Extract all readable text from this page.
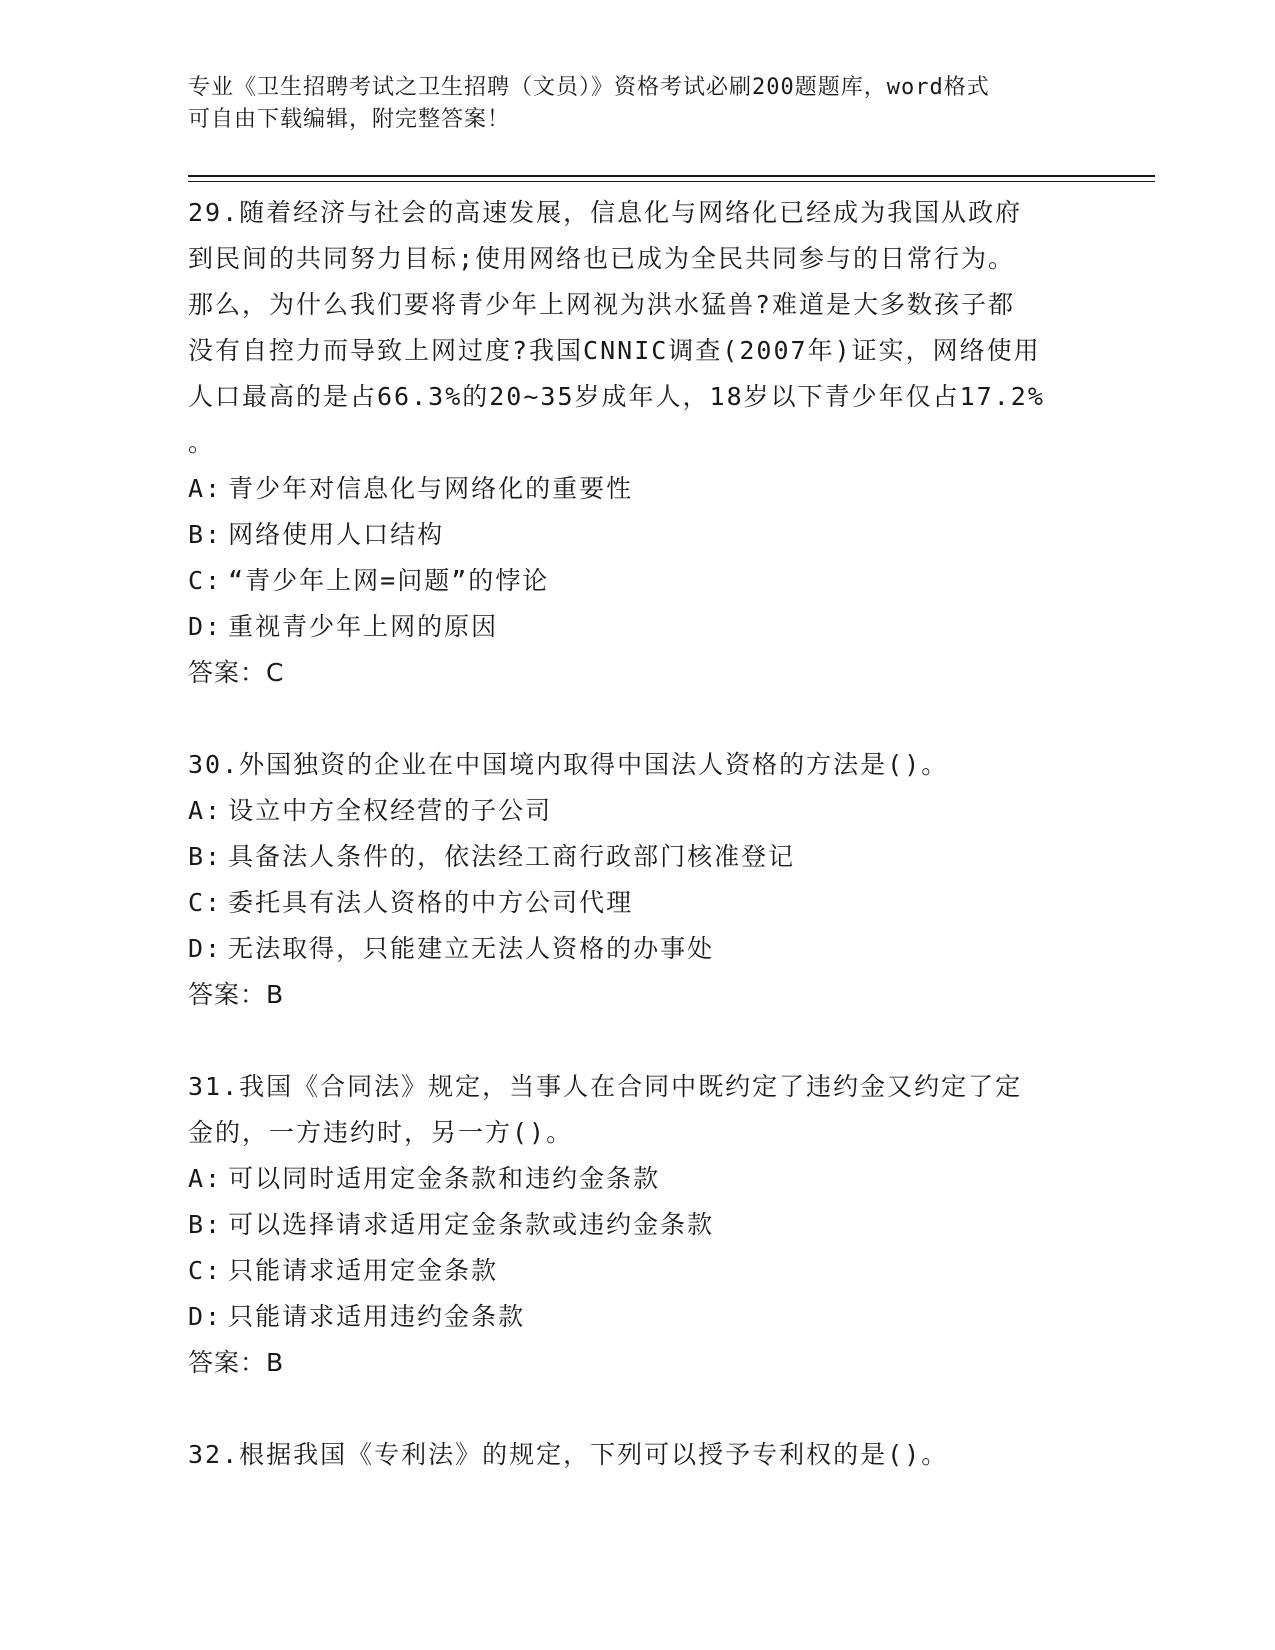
专业《卫生招聘考试之卫生招聘（文员）》资格考试必刷200题题库，word格式
可自由下载编辑，附完整答案！

29.随着经济与社会的高速发展，信息化与网络化已经成为我国从政府

到民间的共同努力目标;使用网络也已成为全民共同参与的日常行为。

那么，为什么我们要将青少年上网视为洪水猛兽?难道是大多数孩子都

没有自控力而导致上网过度?我国CNNIC调查(2007年)证实，网络使用

人口最高的是占66.3%的20~35岁成年人，18岁以下青少年仅占17.2%

。

A: 青少年对信息化与网络化的重要性

B: 网络使用人口结构

C: “青少年上网=问题”的悖论

D: 重视青少年上网的原因

答案：C

30.外国独资的企业在中国境内取得中国法人资格的方法是()。

A: 设立中方全权经营的子公司

B: 具备法人条件的，依法经工商行政部门核准登记

C: 委托具有法人资格的中方公司代理

D: 无法取得，只能建立无法人资格的办事处

答案：B

31.我国《合同法》规定，当事人在合同中既约定了违约金又约定了定

金的，一方违约时，另一方()。

A: 可以同时适用定金条款和违约金条款

B: 可以选择请求适用定金条款或违约金条款

C: 只能请求适用定金条款

D: 只能请求适用违约金条款

答案：B

32.根据我国《专利法》的规定，下列可以授予专利权的是()。
